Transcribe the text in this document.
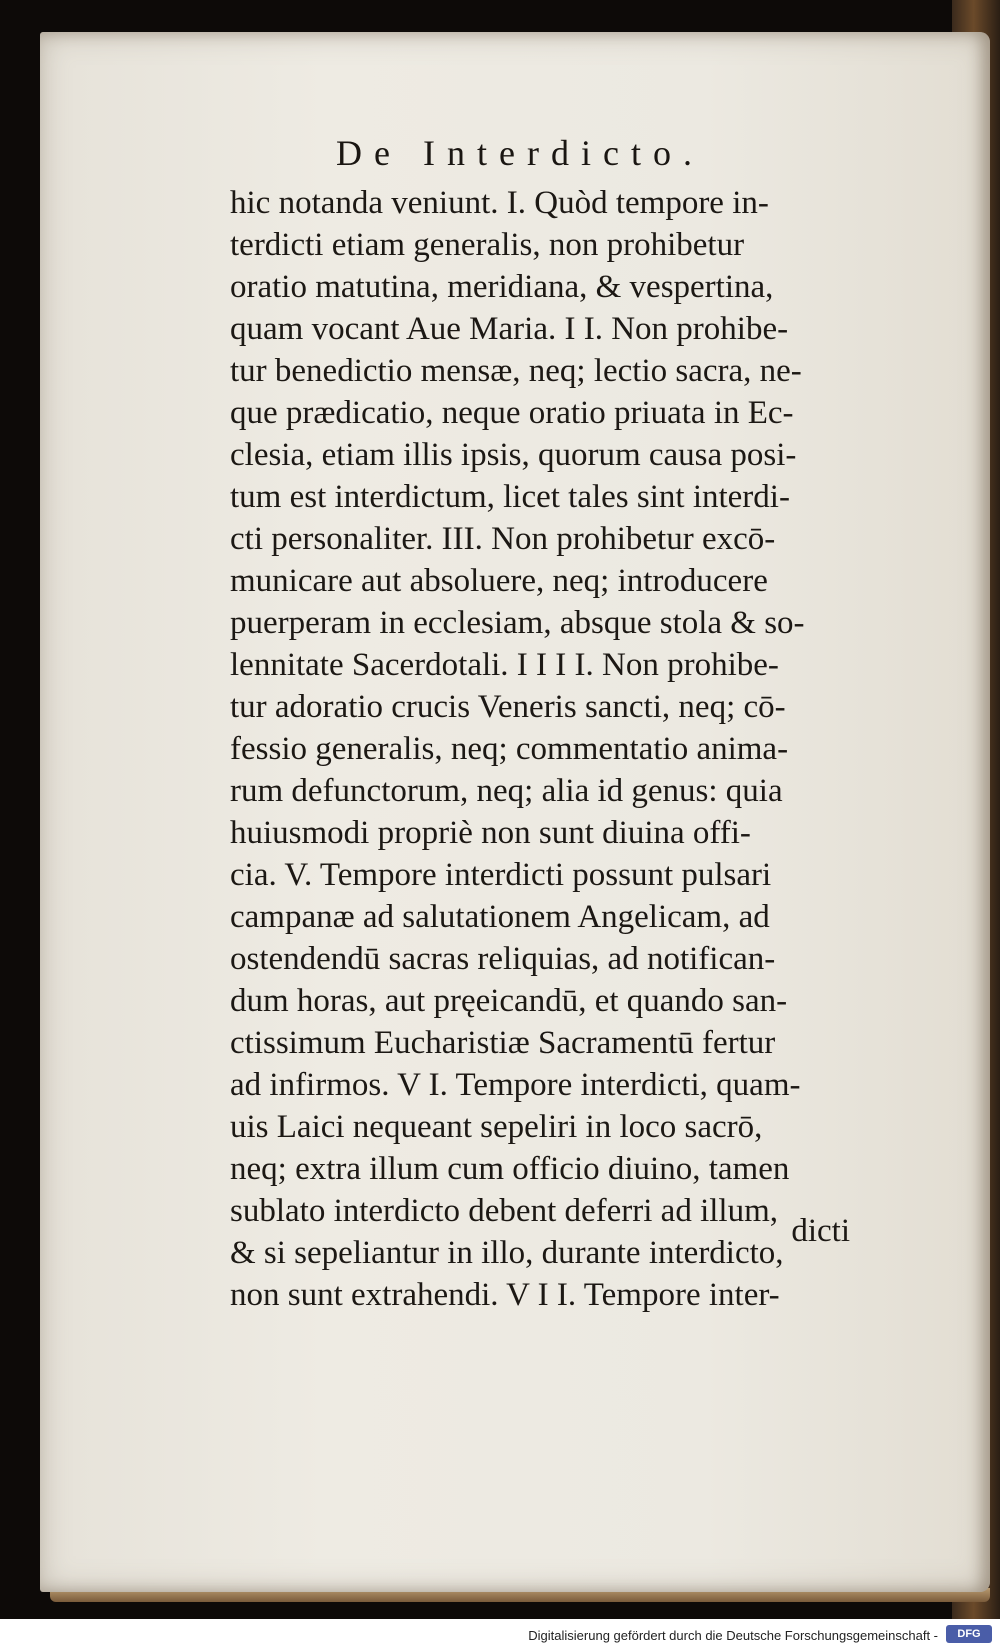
De Interdicto.
hic notanda veniunt. I. Quòd tempore in-
terdicti etiam generalis, non prohibetur
oratio matutina, meridiana, & vespertina,
quam vocant Aue Maria. I I. Non prohibe-
tur benedictio mensæ, neq; lectio sacra, ne-
que prædicatio, neque oratio priuata in Ec-
clesia, etiam illis ipsis, quorum causa posi-
tum est interdictum, licet tales sint interdi-
cti personaliter. III. Non prohibetur excō-
municare aut absoluere, neq; introducere
puerperam in ecclesiam, absque stola & so-
lennitate Sacerdotali. I I I I. Non prohibe-
tur adoratio crucis Veneris sancti, neq; cō-
fessio generalis, neq; commentatio anima-
rum defunctorum, neq; alia id genus: quia
huiusmodi propriè non sunt diuina offi-
cia. V. Tempore interdicti possunt pulsari
campanæ ad salutationem Angelicam, ad
ostendendū sacras reliquias, ad notifican-
dum horas, aut pręeicandū, et quando san-
ctissimum Eucharistiæ Sacramentū fertur
ad infirmos. V I. Tempore interdicti, quam-
uis Laici nequeant sepeliri in loco sacrō,
neq; extra illum cum officio diuino, tamen
sublato interdicto debent deferri ad illum,
& si sepeliantur in illo, durante interdicto,
non sunt extrahendi. V I I. Tempore inter-
dicti
Digitalisierung gefördert durch die Deutsche Forschungsgemeinschaft -	DFG
